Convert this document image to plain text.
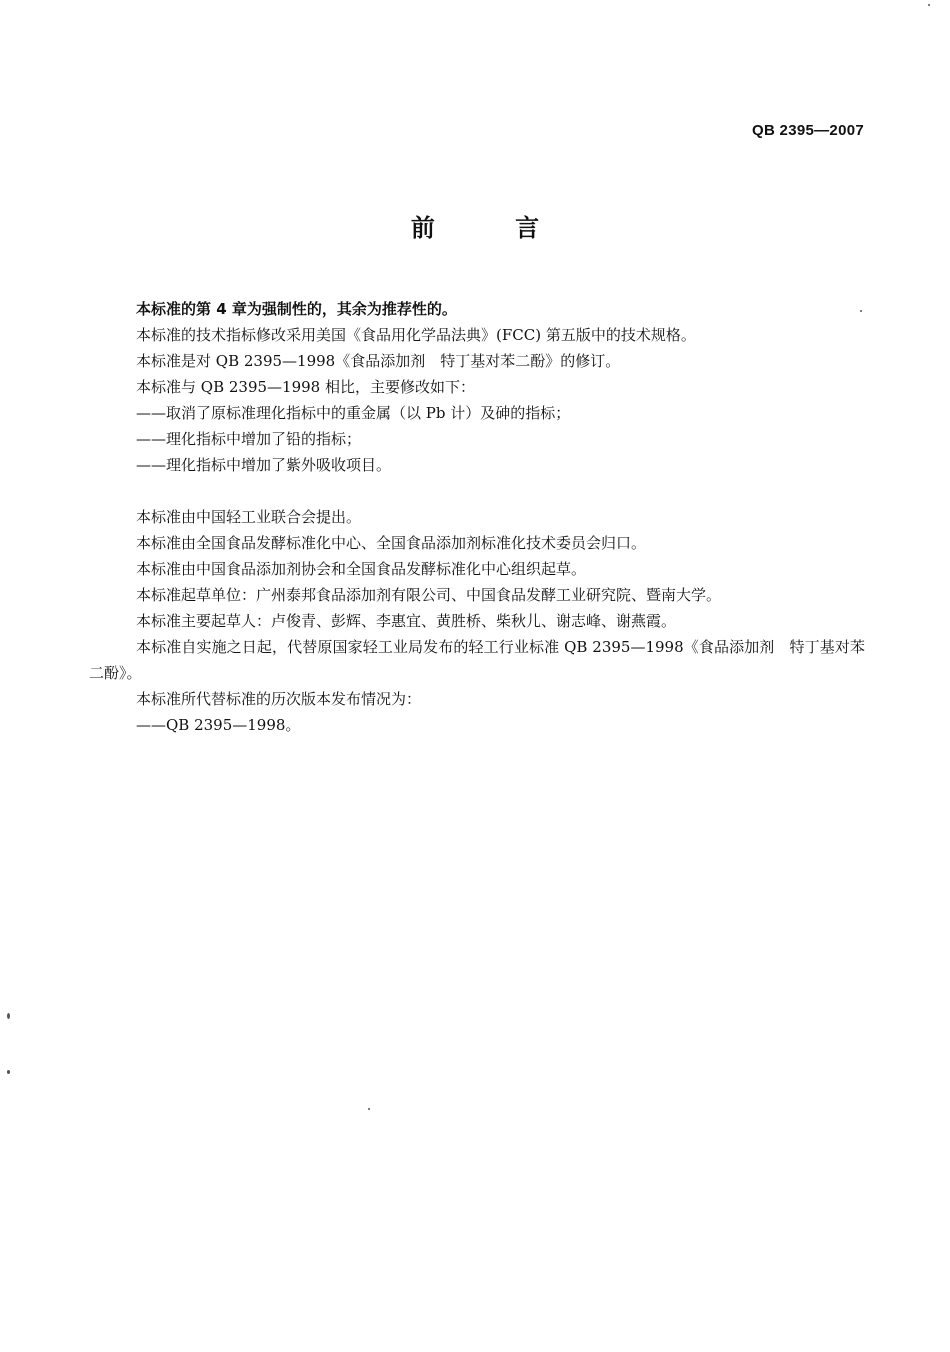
QB 2395—2007
前 言

本标准的第 4 章为强制性的，其余为推荐性的。

本标准的技术指标修改采用美国《食品用化学品法典》(FCC) 第五版中的技术规格。

本标准是对 QB 2395—1998《食品添加剂　特丁基对苯二酚》的修订。

本标准与 QB 2395—1998 相比，主要修改如下：

——取消了原标准理化指标中的重金属（以 Pb 计）及砷的指标；

——理化指标中增加了铅的指标；

——理化指标中增加了紫外吸收项目。

本标准由中国轻工业联合会提出。

本标准由全国食品发酵标准化中心、全国食品添加剂标准化技术委员会归口。

本标准由中国食品添加剂协会和全国食品发酵标准化中心组织起草。

本标准起草单位：广州泰邦食品添加剂有限公司、中国食品发酵工业研究院、暨南大学。

本标准主要起草人：卢俊青、彭辉、李惠宜、黄胜桥、柴秋儿、谢志峰、谢燕霞。

本标准自实施之日起，代替原国家轻工业局发布的轻工行业标准 QB 2395—1998《食品添加剂　特丁基对苯二酚》。

本标准所代替标准的历次版本发布情况为：

——QB 2395—1998。
